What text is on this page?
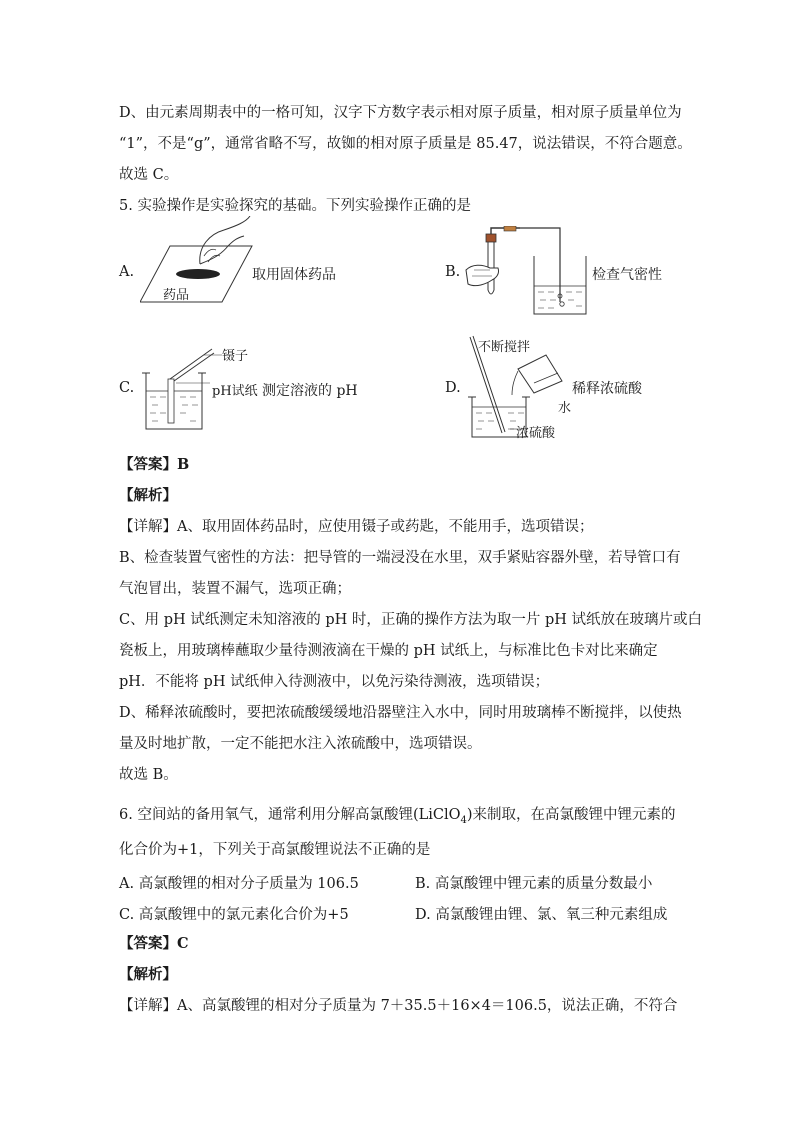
D、由元素周期表中的一格可知，汉字下方数字表示相对原子质量，相对原子质量单位为
“1”，不是“g”，通常省略不写，故铷的相对原子质量是 85.47，说法错误，不符合题意。
故选 C。
5. 实验操作是实验探究的基础。下列实验操作正确的是
A.
药品
取用固体药品	B.	检查气密性
C.
镊子
pH试纸 测定溶液的 pH	D.
不断搅拌
水
浓硫酸
稀释浓硫酸
【答案】B
【解析】
【详解】A、取用固体药品时，应使用镊子或药匙，不能用手，选项错误；
B、检查装置气密性的方法：把导管的一端浸没在水里，双手紧贴容器外壁，若导管口有
气泡冒出，装置不漏气，选项正确；
C、用 pH 试纸测定未知溶液的 pH 时，正确的操作方法为取一片 pH 试纸放在玻璃片或白
瓷板上，用玻璃棒蘸取少量待测液滴在干燥的 pH 试纸上，与标准比色卡对比来确定
pH．不能将 pH 试纸伸入待测液中，以免污染待测液，选项错误；
D、稀释浓硫酸时，要把浓硫酸缓缓地沿器壁注入水中，同时用玻璃棒不断搅拌，以使热
量及时地扩散，一定不能把水注入浓硫酸中，选项错误。
故选 B。
6. 空间站的备用氧气，通常利用分解高氯酸锂(LiClO$_4$)来制取，在高氯酸锂中锂元素的
化合价为+1，下列关于高氯酸锂说法不正确的是
A. 高氯酸锂的相对分子质量为 106.5	B. 高氯酸锂中锂元素的质量分数最小
C. 高氯酸锂中的氯元素化合价为+5	D. 高氯酸锂由锂、氯、氧三种元素组成
【答案】C
【解析】
【详解】A、高氯酸锂的相对分子质量为 7＋35.5＋16×4＝106.5，说法正确，不符合
